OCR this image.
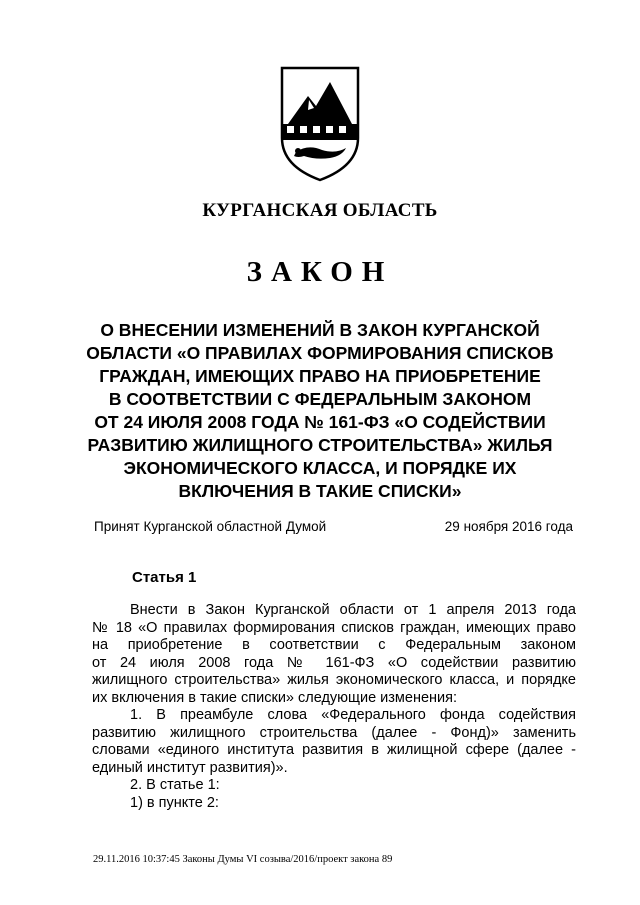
КУРГАНСКАЯ ОБЛАСТЬ
ЗАКОН
О ВНЕСЕНИИ ИЗМЕНЕНИЙ В ЗАКОН КУРГАНСКОЙ
ОБЛАСТИ «О ПРАВИЛАХ ФОРМИРОВАНИЯ СПИСКОВ
ГРАЖДАН, ИМЕЮЩИХ ПРАВО НА ПРИОБРЕТЕНИЕ
В СООТВЕТСТВИИ С ФЕДЕРАЛЬНЫМ ЗАКОНОМ
ОТ 24 ИЮЛЯ 2008 ГОДА № 161-ФЗ «О СОДЕЙСТВИИ
РАЗВИТИЮ ЖИЛИЩНОГО СТРОИТЕЛЬСТВА» ЖИЛЬЯ
ЭКОНОМИЧЕСКОГО КЛАССА, И ПОРЯДКЕ ИХ
ВКЛЮЧЕНИЯ В ТАКИЕ СПИСКИ»
Принят Курганской областной Думой	29 ноября 2016 года
Статья 1

Внести в Закон Курганской области от 1 апреля 2013 года

№ 18 «О правилах формирования списков граждан, имеющих право

на приобретение в соответствии с Федеральным законом

от 24 июля 2008 года № 161-ФЗ «О содействии развитию

жилищного строительства» жилья экономического класса, и порядке

их включения в такие списки» следующие изменения:

1. В преамбуле слова «Федерального фонда содействия

развитию жилищного строительства (далее - Фонд)» заменить

словами «единого института развития в жилищной сфере (далее -

единый институт развития)».

2. В статье 1:

1) в пункте 2:

29.11.2016 10:37:45 Законы Думы VI созыва/2016/проект закона 89
